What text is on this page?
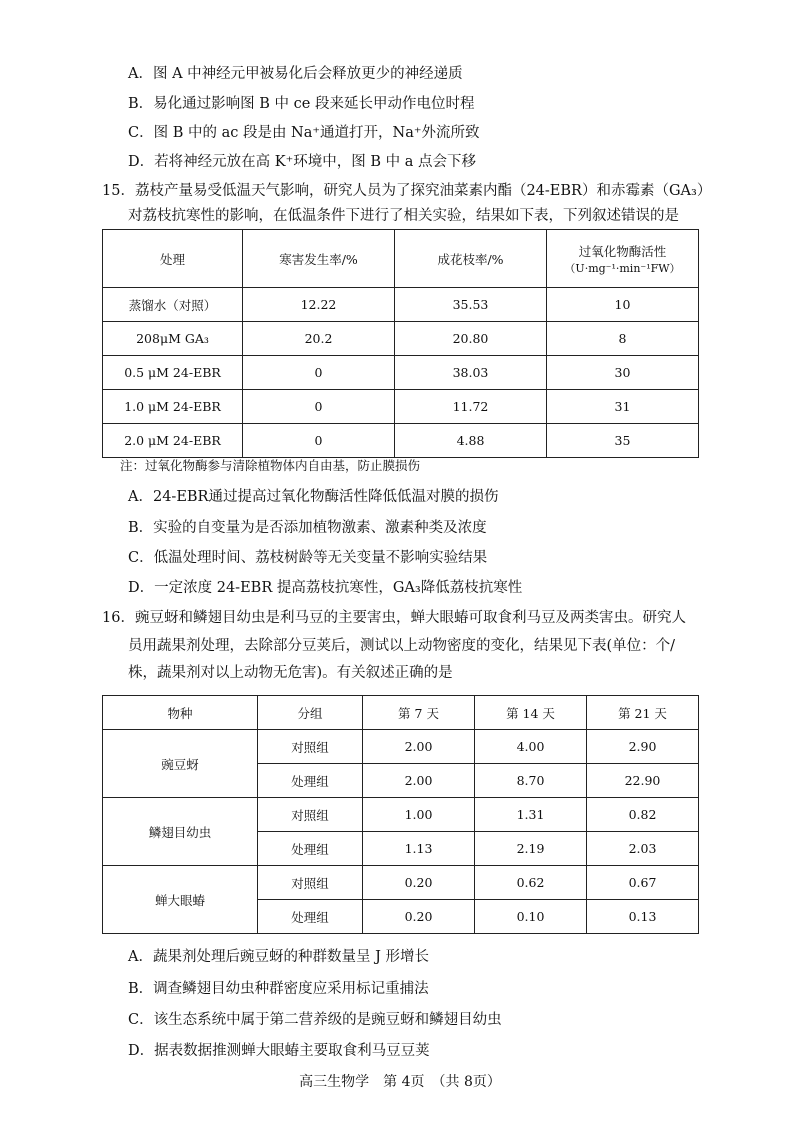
A．图 A 中神经元甲被易化后会释放更少的神经递质
B．易化通过影响图 B 中 ce 段来延长甲动作电位时程
C．图 B 中的 ac 段是由 Na⁺通道打开，Na⁺外流所致
D．若将神经元放在高 K⁺环境中，图 B 中 a 点会下移
15．荔枝产量易受低温天气影响，研究人员为了探究油菜素内酯（24-EBR）和赤霉素（GA₃）
对荔枝抗寒性的影响，在低温条件下进行了相关实验，结果如下表，下列叙述错误的是
处理	寒害发生率/%	成花枝率/%	过氧化物酶活性
（U·mg⁻¹·min⁻¹FW）

蒸馏水（对照）	12.22	35.53	10
208μM GA₃	20.2	20.80	8
0.5 μM 24-EBR	0	38.03	30
1.0 μM 24-EBR	0	11.72	31
2.0 μM 24-EBR	0	4.88	35
注：过氧化物酶参与清除植物体内自由基，防止膜损伤
A．24-EBR通过提高过氧化物酶活性降低低温对膜的损伤
B．实验的自变量为是否添加植物激素、激素种类及浓度
C．低温处理时间、荔枝树龄等无关变量不影响实验结果
D．一定浓度 24-EBR 提高荔枝抗寒性，GA₃降低荔枝抗寒性
16．豌豆蚜和鳞翅目幼虫是利马豆的主要害虫，蝉大眼蝽可取食利马豆及两类害虫。研究人
员用蔬果剂处理，去除部分豆荚后，测试以上动物密度的变化，结果见下表(单位：个/
株，蔬果剂对以上动物无危害)。有关叙述正确的是
物种	分组	第 7 天	第 14 天	第 21 天
豌豆蚜	对照组	2.00	4.00	2.90
	处理组	2.00	8.70	22.90
鳞翅目幼虫	对照组	1.00	1.31	0.82
	处理组	1.13	2.19	2.03
蝉大眼蝽	对照组	0.20	0.62	0.67
	处理组	0.20	0.10	0.13
A．蔬果剂处理后豌豆蚜的种群数量呈 J 形增长
B．调查鳞翅目幼虫种群密度应采用标记重捕法
C．该生态系统中属于第二营养级的是豌豆蚜和鳞翅目幼虫
D．据表数据推测蝉大眼蝽主要取食利马豆豆荚
高三生物学　第 4页　（共 8页）
